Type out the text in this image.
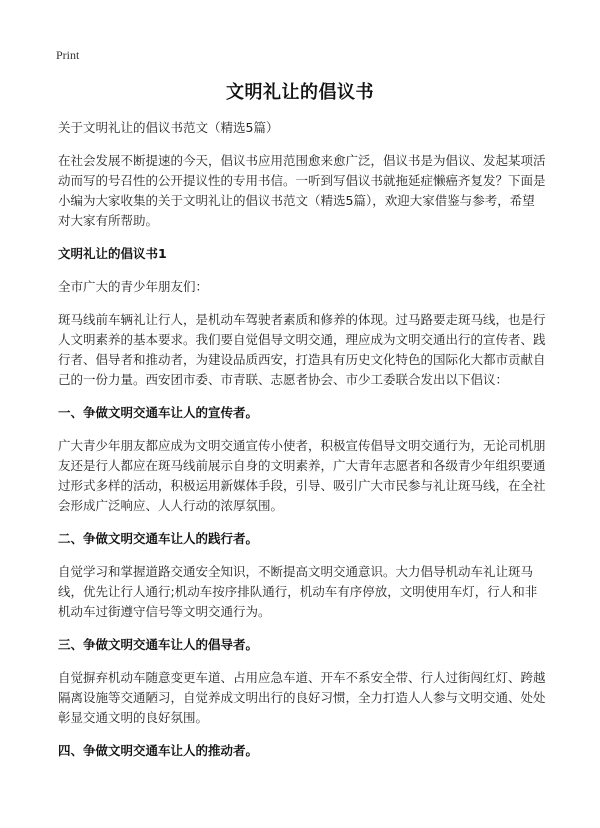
Print
文明礼让的倡议书
关于文明礼让的倡议书范文（精选5篇）
在社会发展不断提速的今天，倡议书应用范围愈来愈广泛，倡议书是为倡议、发起某项活动而写的号召性的公开提议性的专用书信。一听到写倡议书就拖延症懒癌齐复发？下面是小编为大家收集的关于文明礼让的倡议书范文（精选5篇），欢迎大家借鉴与参考，希望对大家有所帮助。
文明礼让的倡议书1
全市广大的青少年朋友们：
斑马线前车辆礼让行人，是机动车驾驶者素质和修养的体现。过马路要走斑马线，也是行人文明素养的基本要求。我们要自觉倡导文明交通，理应成为文明交通出行的宣传者、践行者、倡导者和推动者，为建设品质西安，打造具有历史文化特色的国际化大都市贡献自己的一份力量。西安团市委、市青联、志愿者协会、市少工委联合发出以下倡议：
一、争做文明交通车让人的宣传者。
广大青少年朋友都应成为文明交通宣传小使者，积极宣传倡导文明交通行为，无论司机朋友还是行人都应在斑马线前展示自身的文明素养，广大青年志愿者和各级青少年组织要通过形式多样的活动，积极运用新媒体手段，引导、吸引广大市民参与礼让斑马线，在全社会形成广泛响应、人人行动的浓厚氛围。
二、争做文明交通车让人的践行者。
自觉学习和掌握道路交通安全知识，不断提高文明交通意识。大力倡导机动车礼让斑马线，优先让行人通行;机动车按序排队通行，机动车有序停放，文明使用车灯，行人和非机动车过街遵守信号等文明交通行为。
三、争做文明交通车让人的倡导者。
自觉摒弃机动车随意变更车道、占用应急车道、开车不系安全带、行人过街闯红灯、跨越隔离设施等交通陋习，自觉养成文明出行的良好习惯，全力打造人人参与文明交通、处处彰显交通文明的良好氛围。
四、争做文明交通车让人的推动者。
